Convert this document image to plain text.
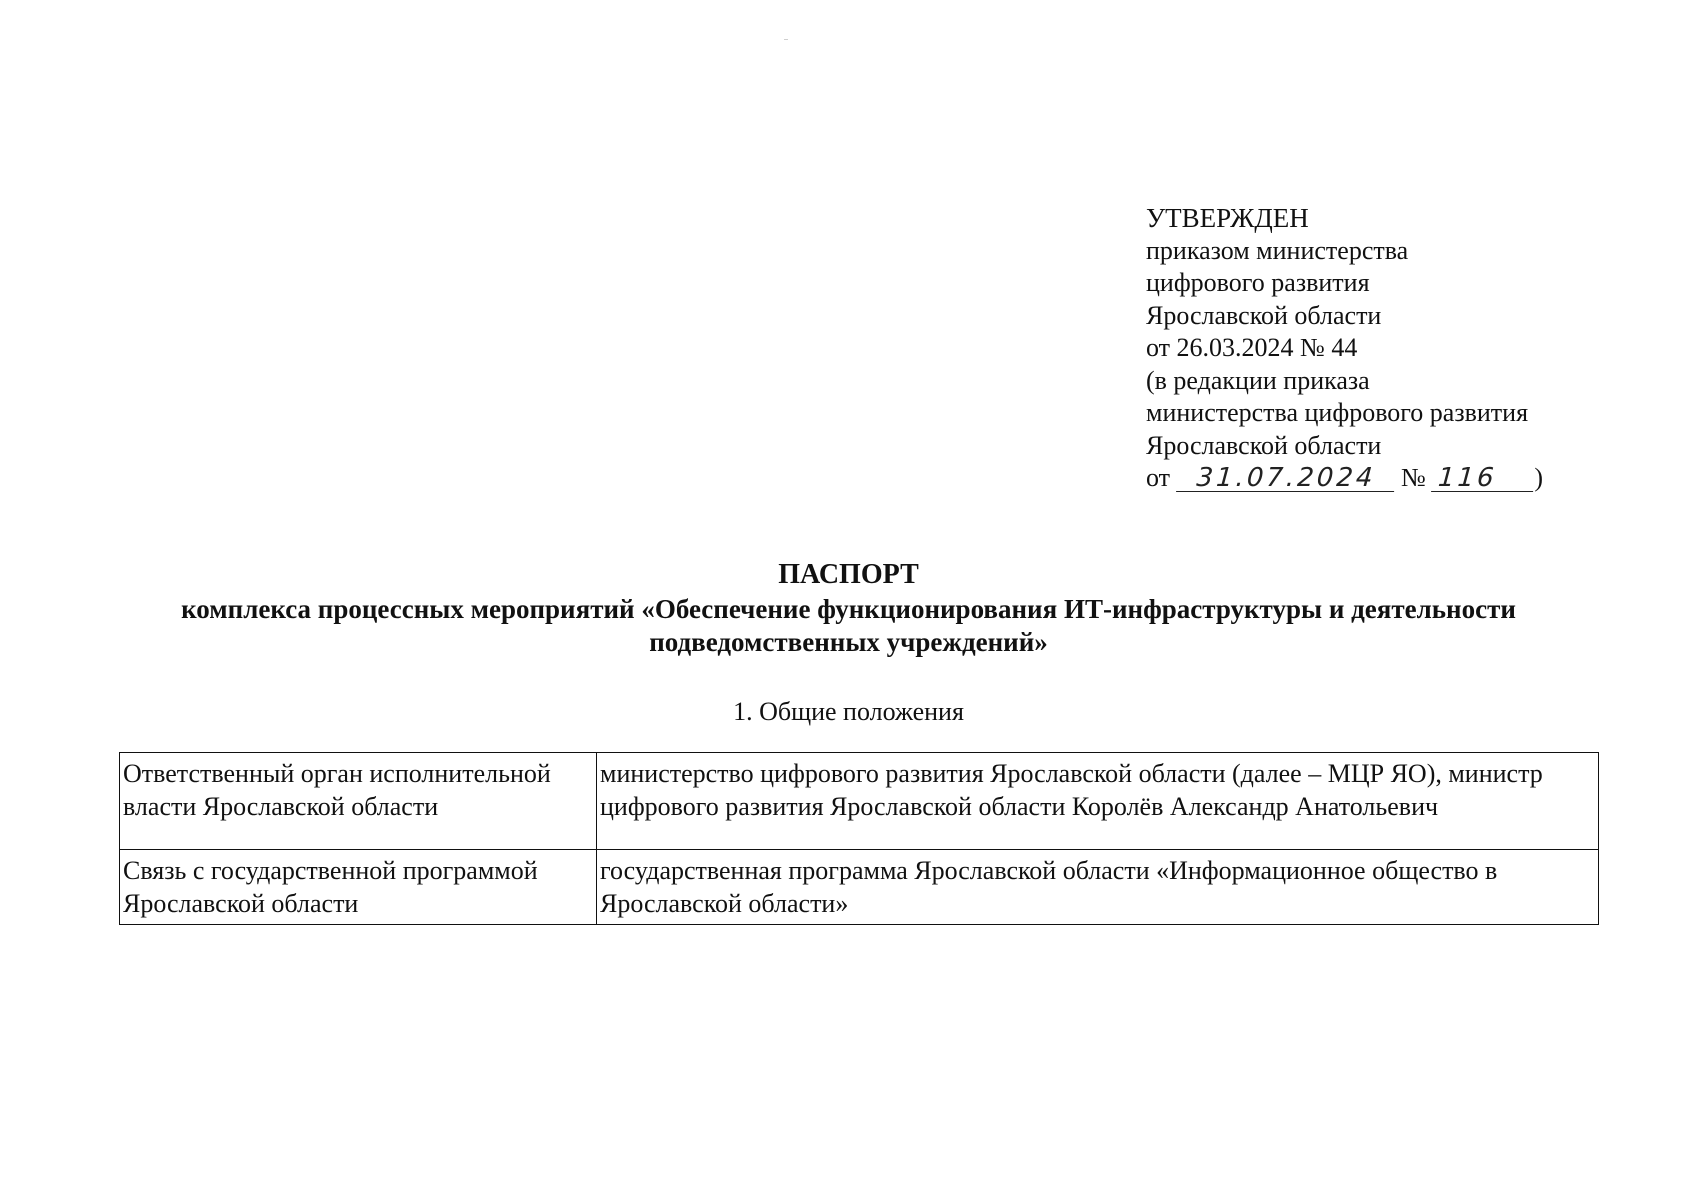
УТВЕРЖДЕН
приказом министерства
цифрового развития
Ярославской области
от 26.03.2024 № 44
(в редакции приказа
министерства цифрового развития
Ярославской области
от 31.07.2024 № 116 )
ПАСПОРТ
комплекса процессных мероприятий «Обеспечение функционирования ИТ-инфраструктуры и деятельности
подведомственных учреждений»
1. Общие положения
Ответственный орган исполнительной власти Ярославской области	министерство цифрового развития Ярославской области (далее – МЦР ЯО), министр цифрового развития Ярославской области Королёв Александр Анатольевич
Связь с государственной программой Ярославской области	государственная программа Ярославской области «Информационное общество в Ярославской области»
